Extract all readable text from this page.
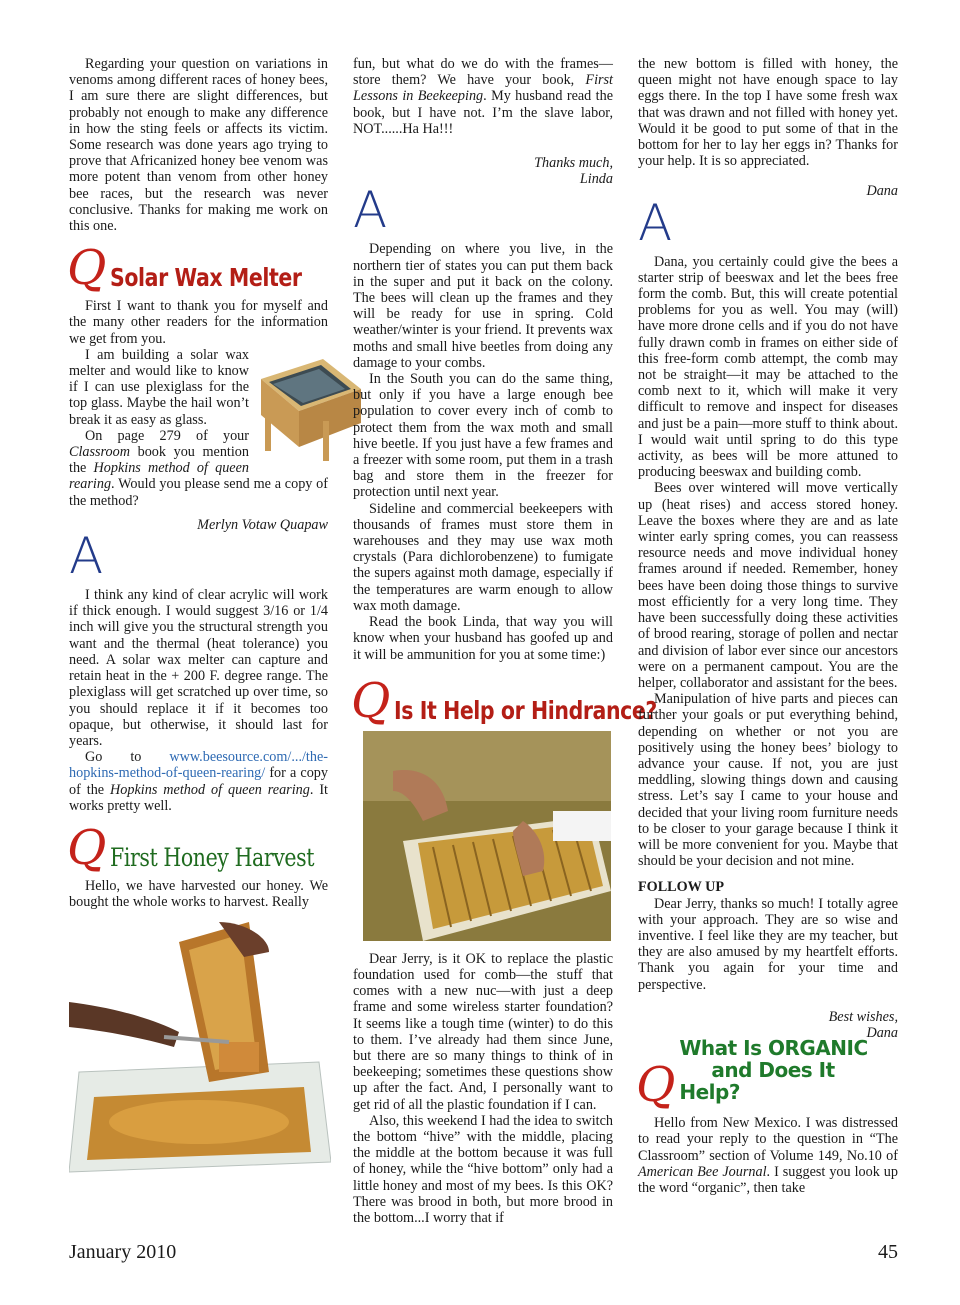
Regarding your question on variations in venoms among different races of honey bees, I am sure there are slight differences, but probably not enough to make any difference in how the sting feels or affects its victim. Some research was done years ago trying to prove that Africanized honey bee venom was more potent than venom from other honey bee races, but the research was never conclusive. Thanks for making me work on this one.

Q Solar Wax Melter

First I want to thank you for myself and the many other readers for the information we get from you.

I am building a solar wax melter and would like to know if I can use plexiglass for the top glass. Maybe the hail won’t break it as easy as glass.

On page 279 of your Classroom book you mention the Hopkins method of queen rearing. Would you please send me a copy of the method?

Merlyn Votaw Quapaw
A

I think any kind of clear acrylic will work if thick enough. I would suggest 3/16 or 1/4 inch will give you the structural strength you want and the thermal (heat tolerance) you need. A solar wax melter can capture and retain heat in the + 200 F. degree range. The plexiglass will get scratched up over time, so you should replace it if it becomes too opaque, but otherwise, it should last for years.

Go to www.beesource.com/.../the-hopkins-method-of-queen-rearing/ for a copy of the Hopkins method of queen rearing. It works pretty well.

Q First Honey Harvest

Hello, we have harvested our honey. We bought the whole works to harvest. Really

fun, but what do we do with the frames—store them? We have your book, First Lessons in Beekeeping. My husband read the book, but I have not. I’m the slave labor, NOT......Ha Ha!!!

Thanks much,
Linda
A

Depending on where you live, in the northern tier of states you can put them back in the super and put it back on the colony. The bees will clean up the frames and they will be ready for use in spring. Cold weather/winter is your friend. It prevents wax moths and small hive beetles from doing any damage to your combs.

In the South you can do the same thing, but only if you have a large enough bee population to cover every inch of comb to protect them from the wax moth and small hive beetle. If you just have a few frames and a freezer with some room, put them in a trash bag and store them in the freezer for protection until next year.

Sideline and commercial beekeepers with thousands of frames must store them in warehouses and they may use wax moth crystals (Para dichlorobenzene) to fumigate the supers against moth damage, especially if the temperatures are warm enough to allow wax moth damage.

Read the book Linda, that way you will know when your husband has goofed up and it will be ammunition for you at some time:)

Q Is It Help or Hindrance?

Dear Jerry, is it OK to replace the plastic foundation used for comb—the stuff that comes with a new nuc—with just a deep frame and some wireless starter foundation? It seems like a tough time (winter) to do this to them. I’ve already had them since June, but there are so many things to think of in beekeeping; sometimes these questions show up after the fact. And, I personally want to get rid of all the plastic foundation if I can.

Also, this weekend I had the idea to switch the bottom “hive” with the middle, placing the middle at the bottom because it was full of honey, while the “hive bottom” only had a little honey and most of my bees. Is this OK? There was brood in both, but more brood in the bottom...I worry that if

the new bottom is filled with honey, the queen might not have enough space to lay eggs there. In the top I have some fresh wax that was drawn and not filled with honey yet. Would it be good to put some of that in the bottom for her to lay her eggs in? Thanks for your help. It is so appreciated.

Dana
A

Dana, you certainly could give the bees a starter strip of beeswax and let the bees free form the comb. But, this will create potential problems for you as well. You may (will) have more drone cells and if you do not have fully drawn comb in frames on either side of this free-form comb attempt, the comb may not be straight—it may be attached to the comb next to it, which will make it very difficult to remove and inspect for diseases and just be a pain—more stuff to think about. I would wait until spring to do this type activity, as bees will be more attuned to producing beeswax and building comb.

Bees over wintered will move vertically up (heat rises) and access stored honey. Leave the boxes where they are and as late winter early spring comes, you can reassess resource needs and move individual honey frames around if needed. Remember, honey bees have been doing those things to survive most efficiently for a very long time. They have been successfully doing these activities of brood rearing, storage of pollen and nectar and division of labor ever since our ancestors were on a permanent campout. You are the helper, collaborator and assistant for the bees.

Manipulation of hive parts and pieces can further your goals or put everything behind, depending on whether or not you are positively using the honey bees’ biology to advance your cause. If not, you are just meddling, slowing things down and causing stress. Let’s say I came to your house and decided that your living room furniture needs to be closer to your garage because I think it will be more convenient for you. Maybe that should be your decision and not mine.

FOLLOW UP

Dear Jerry, thanks so much! I totally agree with your approach. They are so wise and inventive. I feel like they are my teacher, but they are also amused by my heartfelt efforts. Thank you again for your time and perspective.

Best wishes,
Dana
Q
What Is ORGANIC
and Does It Help?

Hello from New Mexico. I was distressed to read your reply to the question in “The Classroom” section of Volume 149, No.10 of American Bee Journal. I suggest you look up the word “organic”, then take

January 2010	45
